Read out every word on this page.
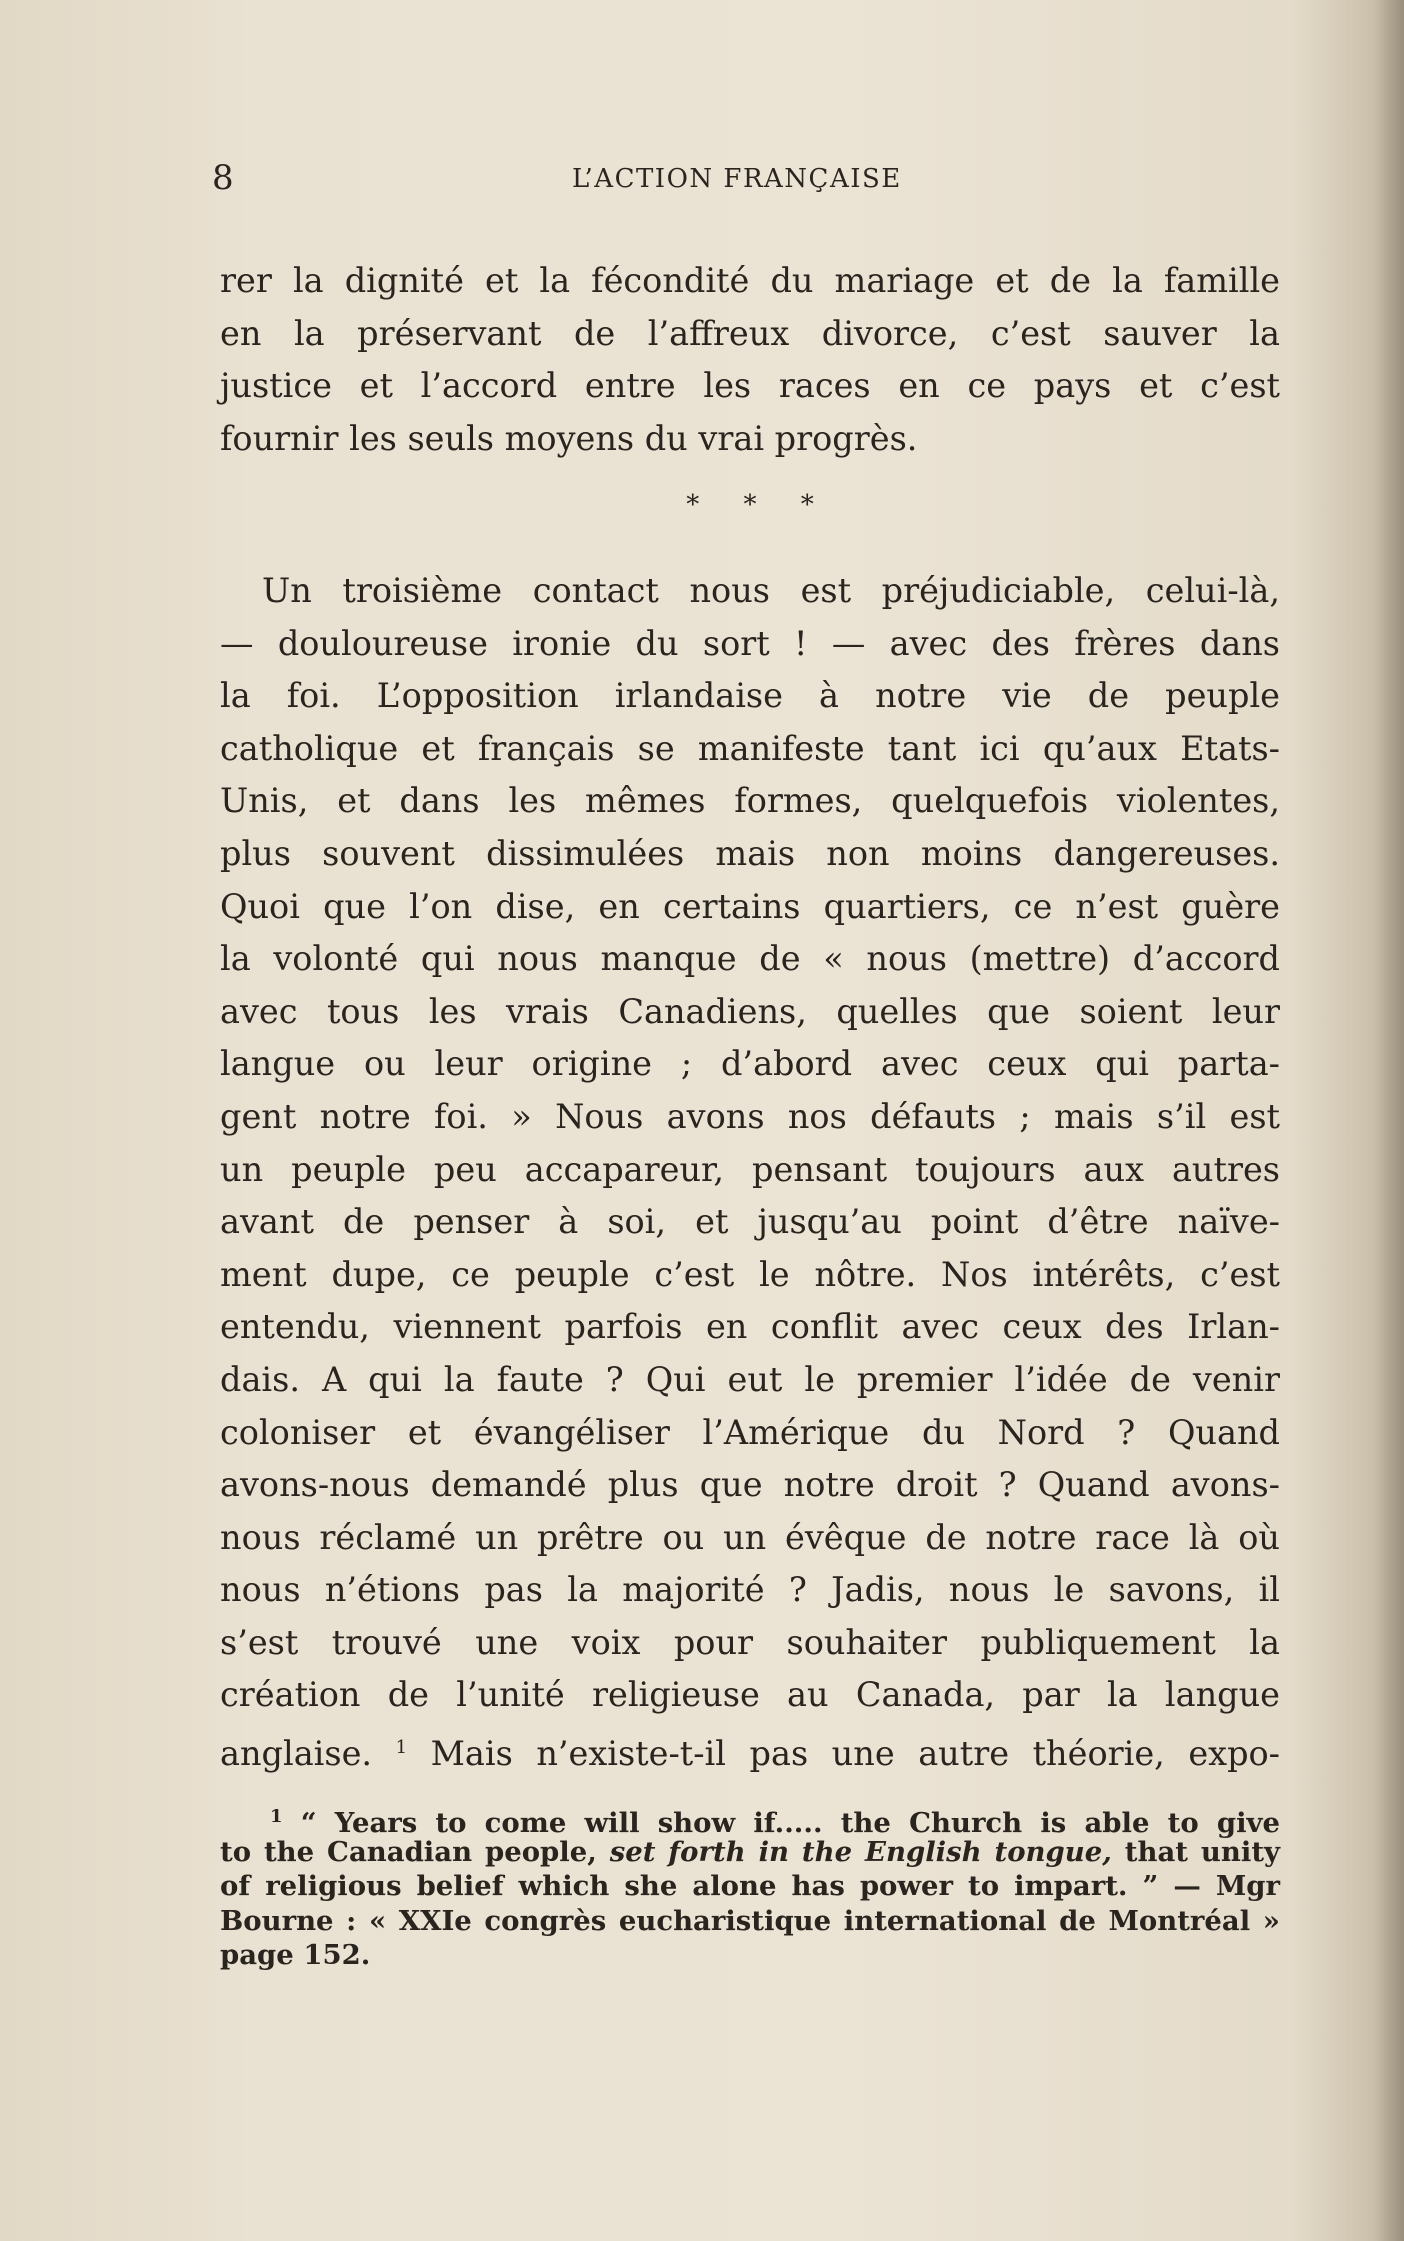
8	L’ACTION FRANÇAISE
rer la dignité et la fécondité du mariage et de la famille
en la préservant de l’affreux divorce, c’est sauver la
justice et l’accord entre les races en ce pays et c’est
fournir les seuls moyens du vrai progrès.
* * *
Un troisième contact nous est préjudiciable, celui-là,
— douloureuse ironie du sort ! — avec des frères dans
la foi. L’opposition irlandaise à notre vie de peuple
catholique et français se manifeste tant ici qu’aux Etats-
Unis, et dans les mêmes formes, quelquefois violentes,
plus souvent dissimulées mais non moins dangereuses.
Quoi que l’on dise, en certains quartiers, ce n’est guère
la volonté qui nous manque de « nous (mettre) d’accord
avec tous les vrais Canadiens, quelles que soient leur
langue ou leur origine ; d’abord avec ceux qui parta-
gent notre foi. » Nous avons nos défauts ; mais s’il est
un peuple peu accapareur, pensant toujours aux autres
avant de penser à soi, et jusqu’au point d’être naïve-
ment dupe, ce peuple c’est le nôtre. Nos intérêts, c’est
entendu, viennent parfois en conflit avec ceux des Irlan-
dais. A qui la faute ? Qui eut le premier l’idée de venir
coloniser et évangéliser l’Amérique du Nord ? Quand
avons-nous demandé plus que notre droit ? Quand avons-
nous réclamé un prêtre ou un évêque de notre race là où
nous n’étions pas la majorité ? Jadis, nous le savons, il
s’est trouvé une voix pour souhaiter publiquement la
création de l’unité religieuse au Canada, par la langue
anglaise. $^1$ Mais n’existe-t-il pas une autre théorie, expo-
$^1$ “ Years to come will show if..... the Church is able to give
to the Canadian people, set forth in the English tongue, that unity
of religious belief which she alone has power to impart. ” — Mgr
Bourne : « XXIe congrès eucharistique international de Montréal »
page 152.
